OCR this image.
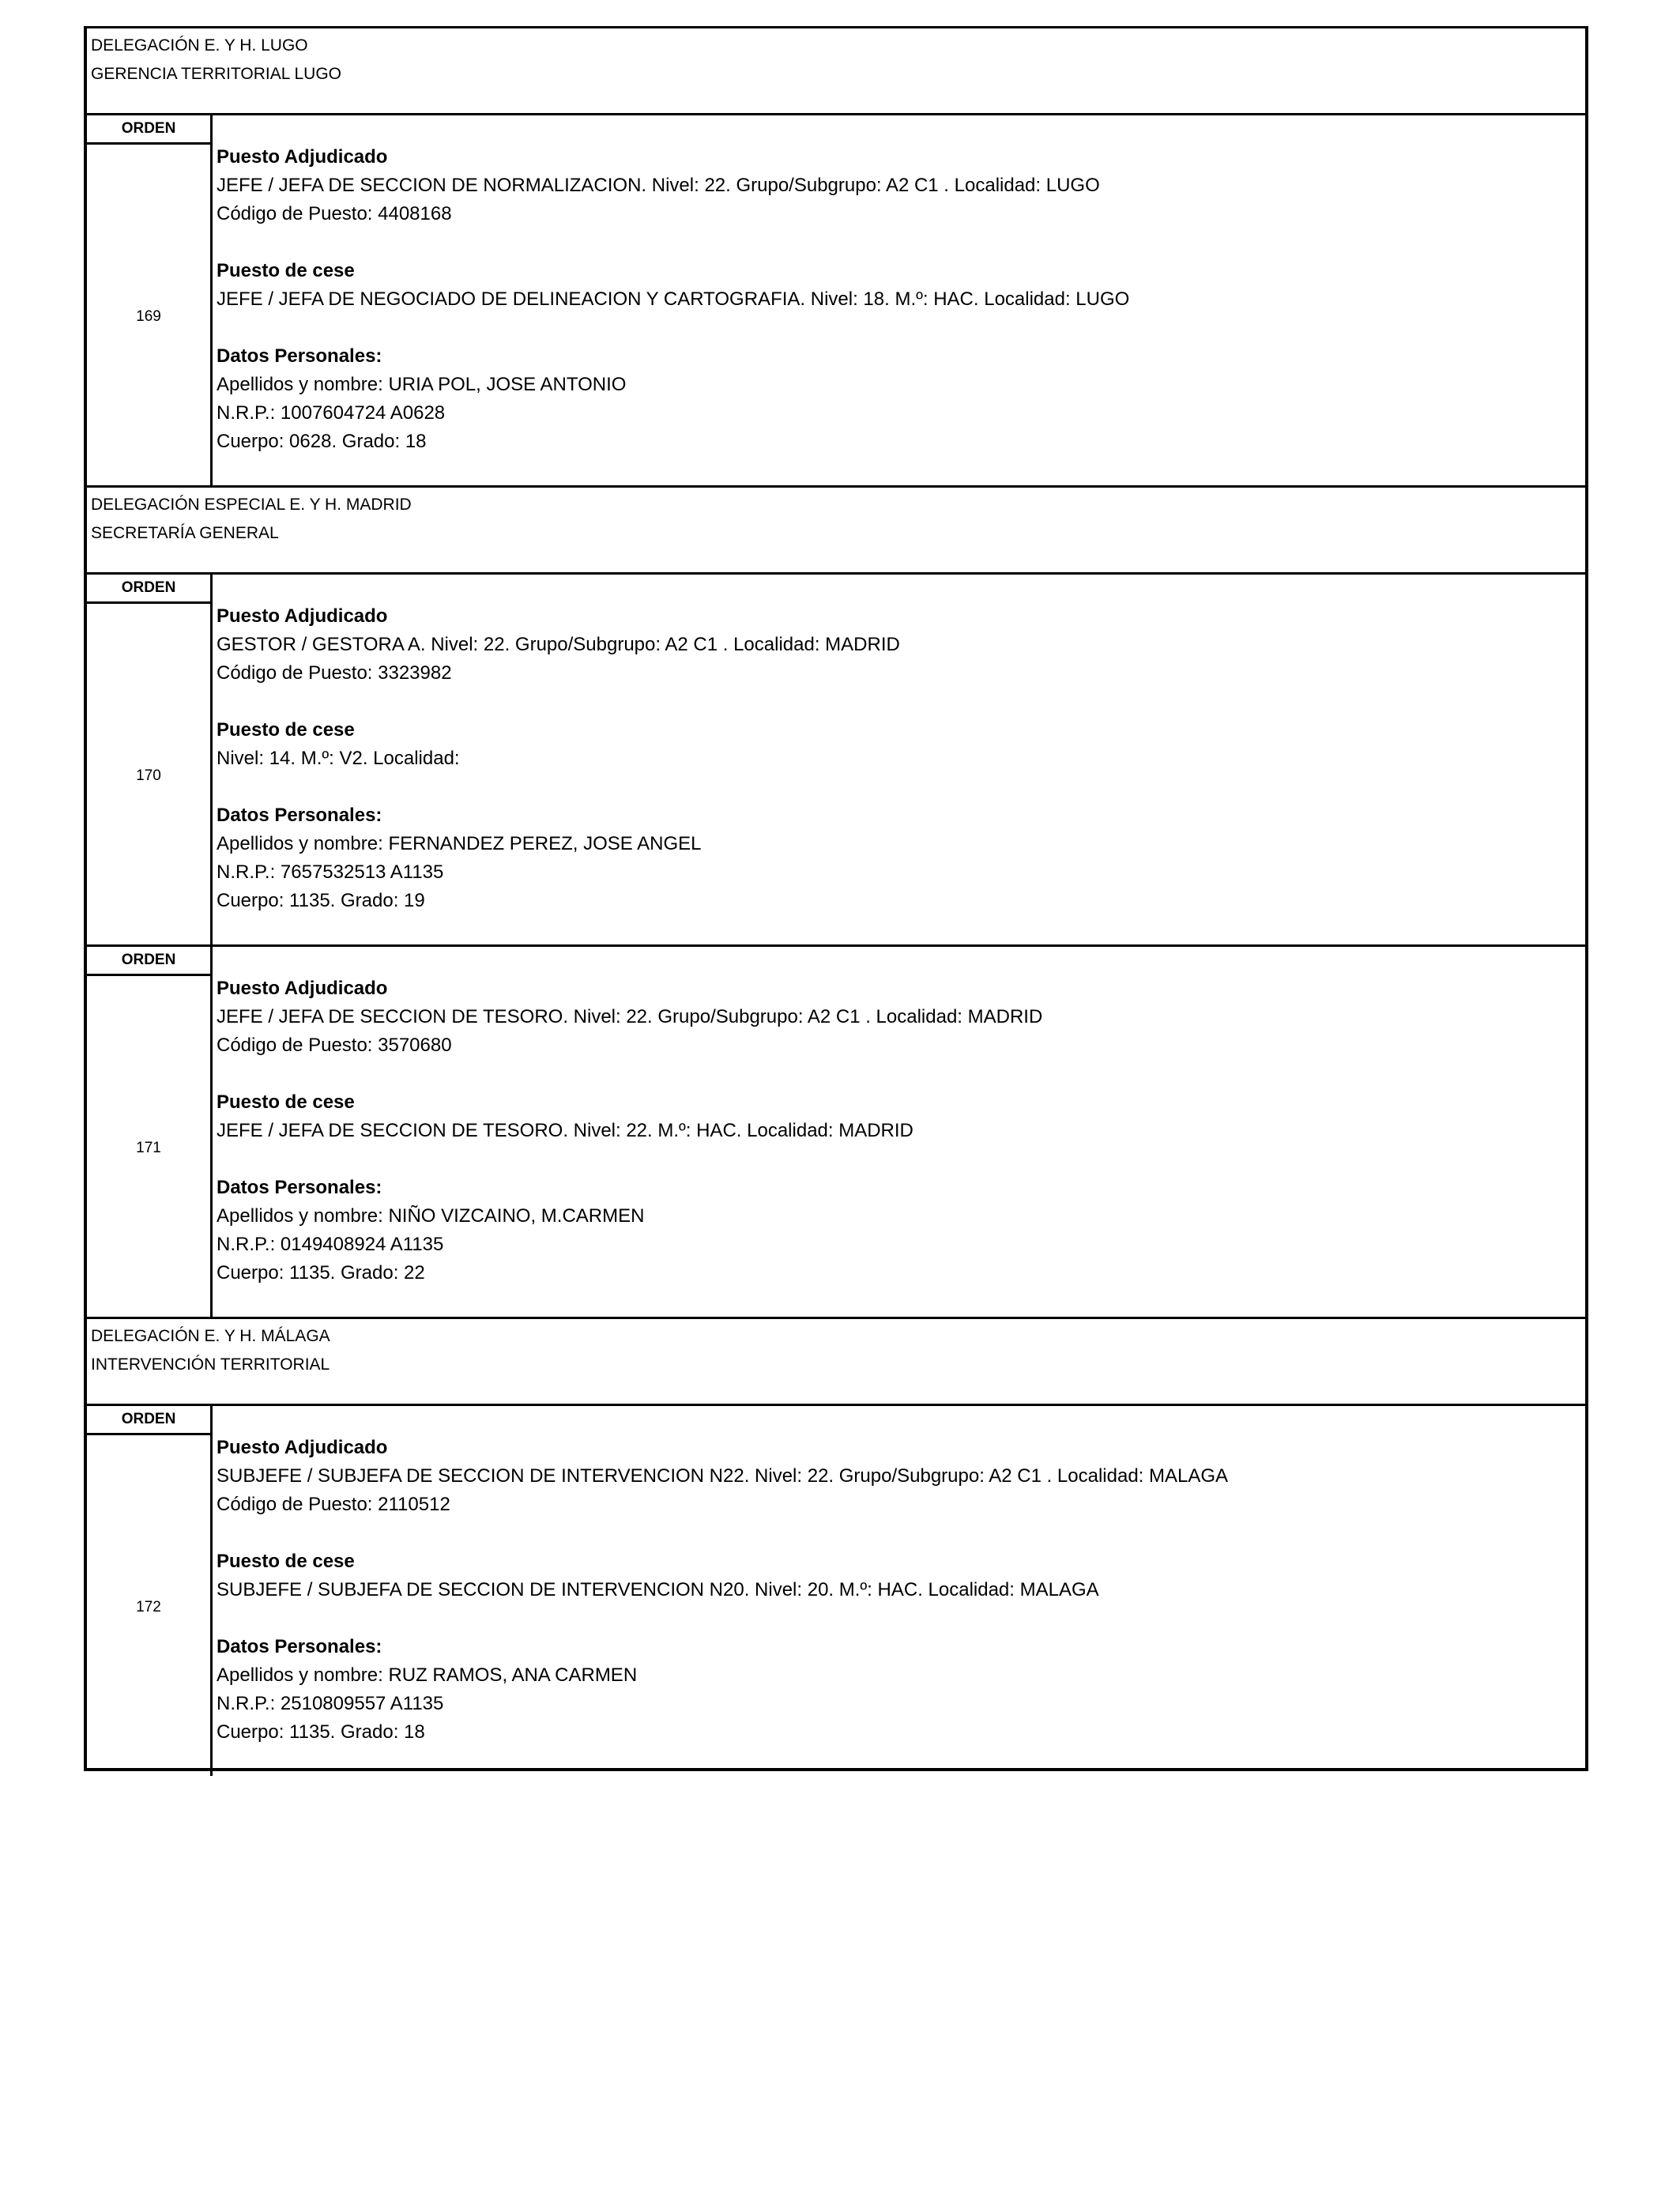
DELEGACIÓN E. Y H. LUGO
GERENCIA TERRITORIAL LUGO
ORDEN
169
Puesto Adjudicado
JEFE / JEFA DE SECCION DE NORMALIZACION. Nivel: 22. Grupo/Subgrupo: A2 C1 . Localidad: LUGO
Código de Puesto: 4408168
Puesto de cese
JEFE / JEFA DE NEGOCIADO DE DELINEACION Y CARTOGRAFIA. Nivel: 18. M.º: HAC. Localidad: LUGO
Datos Personales:
Apellidos y nombre: URIA POL, JOSE ANTONIO
N.R.P.: 1007604724 A0628
Cuerpo: 0628. Grado: 18
DELEGACIÓN ESPECIAL E. Y H. MADRID
SECRETARÍA GENERAL
ORDEN
170
Puesto Adjudicado
GESTOR / GESTORA A. Nivel: 22. Grupo/Subgrupo: A2 C1 . Localidad: MADRID
Código de Puesto: 3323982
Puesto de cese
Nivel: 14. M.º: V2. Localidad:
Datos Personales:
Apellidos y nombre: FERNANDEZ PEREZ, JOSE ANGEL
N.R.P.: 7657532513 A1135
Cuerpo: 1135. Grado: 19
ORDEN
171
Puesto Adjudicado
JEFE / JEFA DE SECCION DE TESORO. Nivel: 22. Grupo/Subgrupo: A2 C1 . Localidad: MADRID
Código de Puesto: 3570680
Puesto de cese
JEFE / JEFA DE SECCION DE TESORO. Nivel: 22. M.º: HAC. Localidad: MADRID
Datos Personales:
Apellidos y nombre: NIÑO VIZCAINO, M.CARMEN
N.R.P.: 0149408924 A1135
Cuerpo: 1135. Grado: 22
DELEGACIÓN E. Y H. MÁLAGA
INTERVENCIÓN TERRITORIAL
ORDEN
172
Puesto Adjudicado
SUBJEFE / SUBJEFA DE SECCION DE INTERVENCION N22. Nivel: 22. Grupo/Subgrupo: A2 C1 . Localidad: MALAGA
Código de Puesto: 2110512
Puesto de cese
SUBJEFE / SUBJEFA DE SECCION DE INTERVENCION N20. Nivel: 20. M.º: HAC. Localidad: MALAGA
Datos Personales:
Apellidos y nombre: RUZ RAMOS, ANA CARMEN
N.R.P.: 2510809557 A1135
Cuerpo: 1135. Grado: 18
